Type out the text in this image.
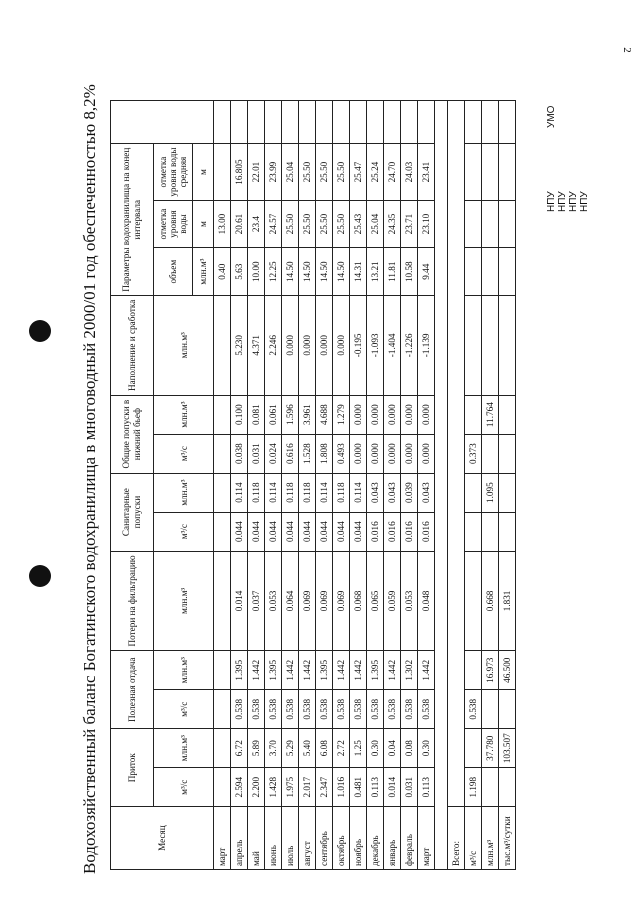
2
Водохозяйственный баланс Богатинского водохранилища в многоводный 2000/01 год обеспеченностью 8,2%	Месяц	Приток		Полезная отдача		Потери на фильтрацию	Санитарные попуски		Общие попуски в нижний бьеф		Наполнение и сработка	Параметры водохранилища на конец интервала			
	м³/с	млн.м³	м³/с	млн.м³	млн.м³	м³/с	млн.м³	м³/с	млн.м³	млн.м³	объем	отметка уровня воды	отметка уровня воды средняя	
											млн.м³	м	м	
март											0.40	13.00		
апрель	2.594	6.72	0.538	1.395	0.014	0.044	0.114	0.038	0.100	5.230	5.63	20.61	16.805	
май	2.200	5.89	0.538	1.442	0.037	0.044	0.118	0.031	0.081	4.371	10.00	23.4	22.01	
июнь	1.428	3.70	0.538	1.395	0.053	0.044	0.114	0.024	0.061	2.246	12.25	24.57	23.99	
июль	1.975	5.29	0.538	1.442	0.064	0.044	0.118	0.616	1.596	0.000	14.50	25.50	25.04	
август	2.017	5.40	0.538	1.442	0.069	0.044	0.118	1.528	3.961	0.000	14.50	25.50	25.50	
сентябрь	2.347	6.08	0.538	1.395	0.069	0.044	0.114	1.808	4.688	0.000	14.50	25.50	25.50	
октябрь	1.016	2.72	0.538	1.442	0.069	0.044	0.118	0.493	1.279	0.000	14.50	25.50	25.50	
ноябрь	0.481	1.25	0.538	1.442	0.068	0.044	0.114	0.000	0.000	-0.195	14.31	25.43	25.47	
декабрь	0.113	0.30	0.538	1.395	0.065	0.016	0.043	0.000	0.000	-1.093	13.21	25.04	25.24	
январь	0.014	0.04	0.538	1.442	0.059	0.016	0.043	0.000	0.000	-1.404	11.81	24.35	24.70	
февраль	0.031	0.08	0.538	1.302	0.053	0.016	0.039	0.000	0.000	-1.226	10.58	23.71	24.03	
март	0.113	0.30	0.538	1.442	0.048	0.016	0.043	0.000	0.000	-1.139	9.44	23.10	23.41	

Всего:														
м³/с	1.198		0.538					0.373						
млн.м³		37.780		16.973	0.668		1.095		11.764					
тыс.м³/сутки		103.507		46.500	1.831									
УМО
НПУ НПУ НПУ НПУ
